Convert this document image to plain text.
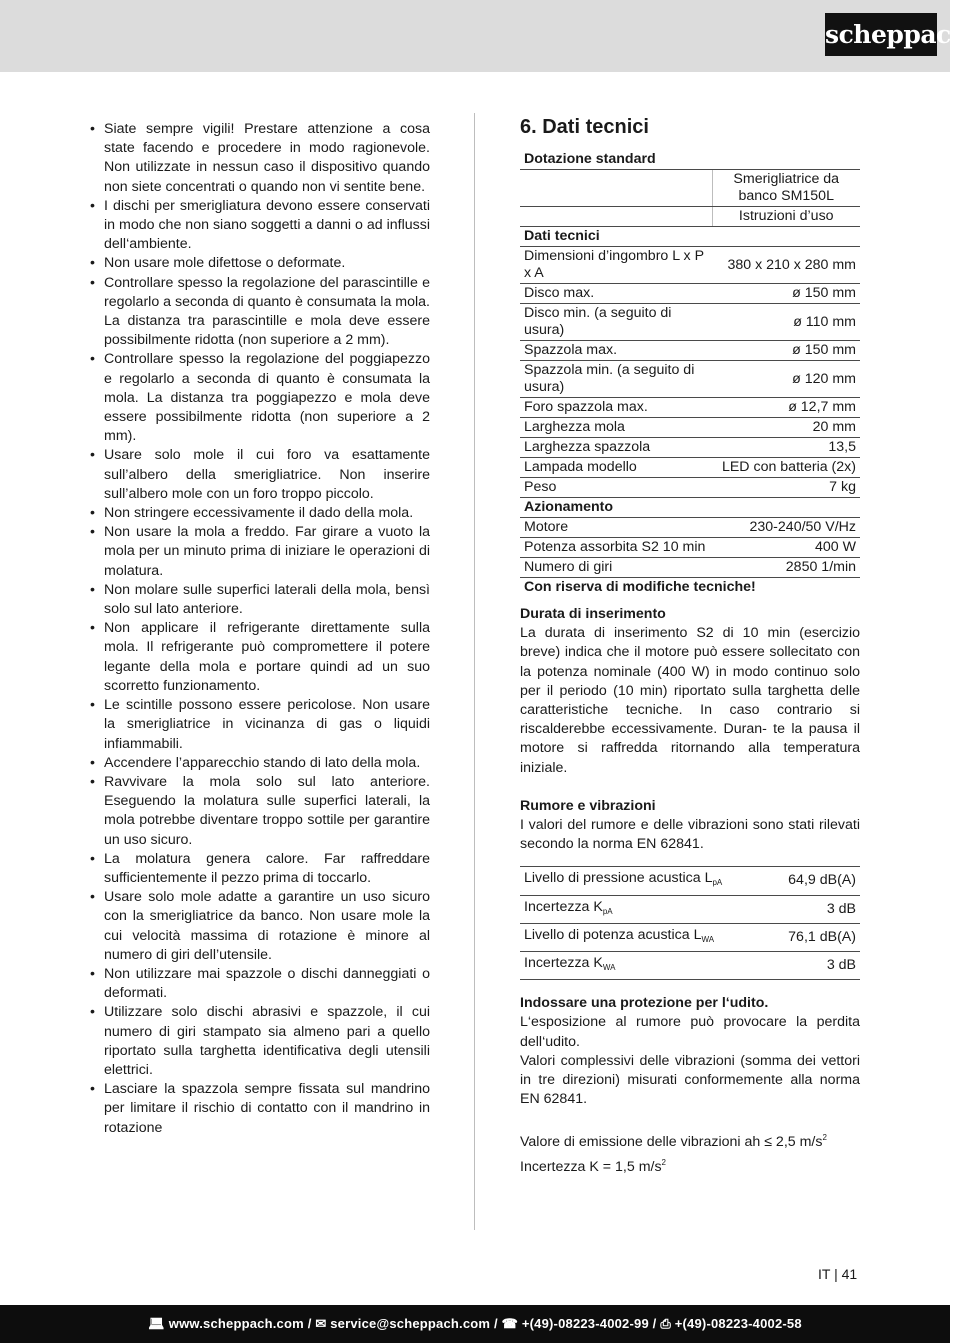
scheppach
• Siate sempre vigili! Prestare attenzione a cosa state facendo e procedere in modo ragionevole. Non utilizzate in nessun caso il dispositivo quando non siete concentrati o quando non vi sentite bene.
• I dischi per smerigliatura devono essere conservati in modo che non siano soggetti a danni o ad influssi dell‘ambiente.
• Non usare mole difettose o deformate.
• Controllare spesso la regolazione del parascintille e regolarlo a seconda di quanto è consumata la mola. La distanza tra parascintille e mola deve essere possibilmente ridotta (non superiore a 2 mm).
• Controllare spesso la regolazione del poggiapezzo e regolarlo a seconda di quanto è consumata la mola. La distanza tra poggiapezzo e mola deve essere possibilmente ridotta (non superiore a 2 mm).
• Usare solo mole il cui foro va esattamente sull’albero della smerigliatrice. Non inserire sull’albero mole con un foro troppo piccolo.
• Non stringere eccessivamente il dado della mola.
• Non usare la mola a freddo. Far girare a vuoto la mola per un minuto prima di iniziare le operazioni di molatura.
• Non molare sulle superfici laterali della mola, bensì solo sul lato anteriore.
• Non applicare il refrigerante direttamente sulla mola. Il refrigerante può compromettere il potere legante della mola e portare quindi ad un suo scorretto funzionamento.
• Le scintille possono essere pericolose. Non usare la smerigliatrice in vicinanza di gas o liquidi infiammabili.
• Accendere l’apparecchio stando di lato della mola.
• Ravvivare la mola solo sul lato anteriore. Eseguendo la molatura sulle superfici laterali, la mola potrebbe diventare troppo sottile per garantire un uso sicuro.
• La molatura genera calore. Far raffreddare sufficientemente il pezzo prima di toccarlo.
• Usare solo mole adatte a garantire un uso sicuro con la smerigliatrice da banco. Non usare mole la cui velocità massima di rotazione è minore al numero di giri dell’utensile.
• Non utilizzare mai spazzole o dischi danneggiati o deformati.
• Utilizzare solo dischi abrasivi e spazzole, il cui numero di giri stampato sia almeno pari a quello riportato sulla targhetta identificativa degli utensili elettrici.
• Lasciare la spazzola sempre fissata sul mandrino per limitare il rischio di contatto con il mandrino in rotazione
6. Dati tecnici
Dotazione standard	
	Smerigliatrice da banco SM150L
	Istruzioni d’uso
Dati tecnici	
Dimensioni d’ingombro L x P x A	380 x 210 x 280 mm
Disco max.	ø 150 mm
Disco min. (a seguito di usura)	ø 110 mm
Spazzola max.	ø 150 mm
Spazzola min. (a seguito di usura)	ø 120 mm
Foro spazzola max.	ø 12,7 mm
Larghezza mola	20 mm
Larghezza spazzola	13,5
Lampada modello	LED con batteria (2x)
Peso	7 kg
Azionamento	
Motore	230-240/50 V/Hz
Potenza assorbita S2 10 min	400 W
Numero di giri	2850 1/min
Con riserva di modifiche tecniche!	
Durata di inserimento

La durata di inserimento S2 di 10 min (esercizio breve) indica che il motore può essere sollecitato con la potenza nominale (400 W) in modo continuo solo per il periodo (10 min) riportato sulla targhetta delle caratteristiche tecniche. In caso contrario si riscalderebbe eccessivamente. Duran- te la pausa il motore si raffredda ritornando alla temperatura iniziale.

Rumore e vibrazioni

I valori del rumore e delle vibrazioni sono stati rilevati secondo la norma EN 62841.

Livello di pressione acustica $L_{pA}$	64,9 dB(A)
Incertezza $K_{pA}$	3 dB
Livello di potenza acustica $L_{WA}$	76,1 dB(A)
Incertezza $K_{WA}$	3 dB
Indossare una protezione per l‘udito.

L‘esposizione al rumore può provocare la perdita dell‘udito.

Valori complessivi delle vibrazioni (somma dei vettori in tre direzioni) misurati conformemente alla norma EN 62841.

Valore di emissione delle vibrazioni ah ≤ 2,5 $m/s^2$

Incertezza K = 1,5 $m/s^2$

IT | 41
💻︎ www.scheppach.com / ✉︎ service@scheppach.com / ☎︎ +(49)-08223-4002-99 / ⎙ +(49)-08223-4002-58
